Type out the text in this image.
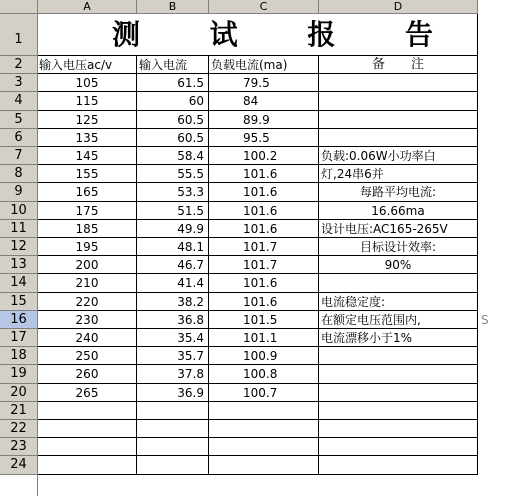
A	B	C	D
1	测 试 报 告
2	输入电压ac/v	输入电流	负载电流(ma)	备　　注
3	105	61.5	79.5
4	115	60	84
5	125	60.5	89.9
6	135	60.5	95.5
7	145	58.4	100.2	负载:0.06W小功率白
8	155	55.5	101.6	灯,24串6并
9	165	53.3	101.6	每路平均电流:
10	175	51.5	101.6	16.66ma
11	185	49.9	101.6	设计电压:AC165-265V
12	195	48.1	101.7	目标设计效率:
13	200	46.7	101.7	90%
14	210	41.4	101.6
15	220	38.2	101.6	电流稳定度:
16	230	36.8	101.5	在额定电压范围内,
17	240	35.4	101.1	电流漂移小于1%
18	250	35.7	100.9
19	260	37.8	100.8
20	265	36.9	100.7
21
22
23
24
S
